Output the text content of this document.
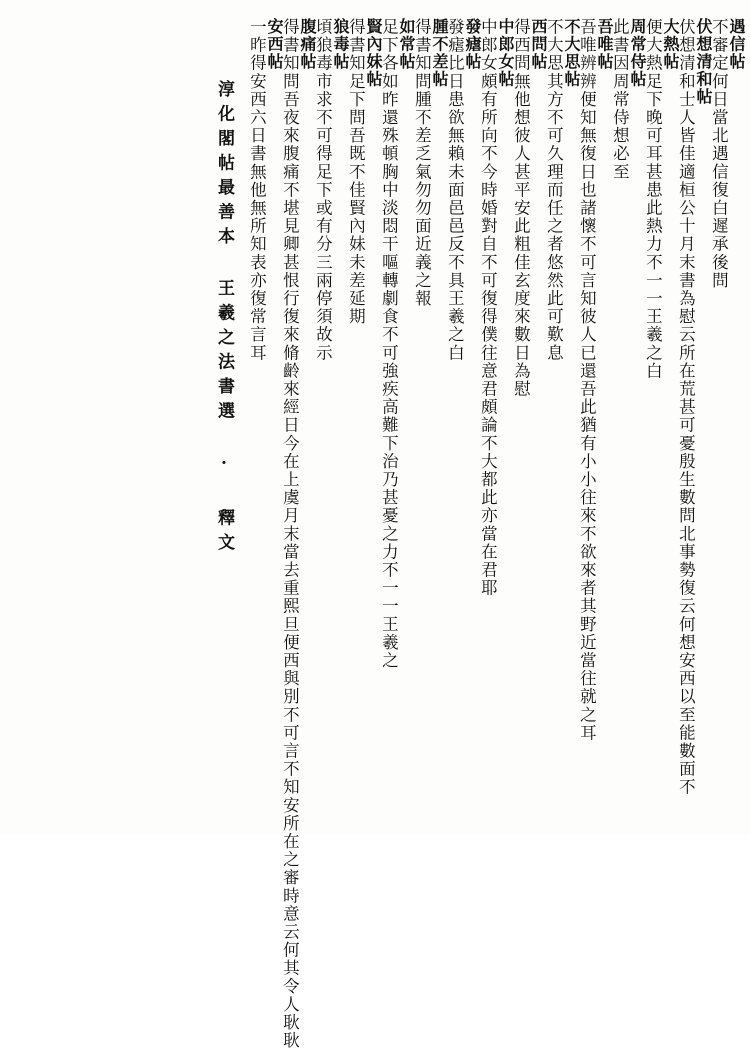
遇信帖
不審定何日當北遇信復白遲承後問
伏想清和帖
伏想清和士人皆佳適桓公十月末書為慰云所在荒甚可憂殷生數問北事勢復云何想安西以至能數面不
大熱帖
便大熱足下晚可耳甚患此熱力不一一王羲之白
周常侍帖
此書因周常侍想必至
吾唯帖
吾唯辨辨便知無復日也諸懷不可言知彼人已還吾此猶有小小往來不欲來者其野近當往就之耳
不大思帖
不大思其方不可久理而任之者悠然此可歎息
西問帖
得西問無他想彼人甚平安此粗佳玄度來數日為慰
中郎女帖
中郎女頗有所向不今時婚對自不可復得僕往意君頗論不大都此亦當在君耶
發瘧帖
發瘧比日患欲無賴未面邑邑反不具王羲之白
腫不差帖
得書知問腫不差乏氣勿勿面近義之報
如常帖
足下各如昨還殊頓胸中淡悶干嘔轉劇食不可強疾高難下治乃甚憂之力不一一王羲之
賢內妹帖
得書知足下問吾既不佳賢內妹未差延期
狼毒帖
頃狼毒市求不可得足下或有分三兩停須故示
腹痛帖
得書知問吾夜來腹痛不堪見卿甚恨行復來脩齡來經日今在上虞月末當去重熙旦便西與別不可言不知安所在之審時意云何其令人耿耿
安西帖
一昨得安西六日書無他無所知表亦復常言耳
淳化閣帖最善本 王羲之法書選 · 釋文
